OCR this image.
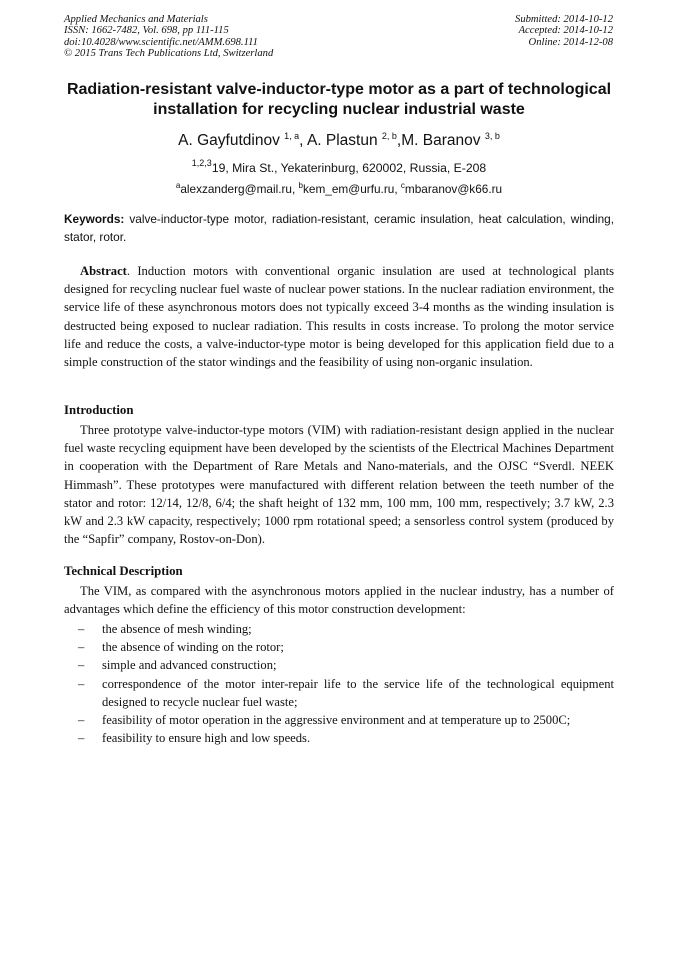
Applied Mechanics and Materials
ISSN: 1662-7482, Vol. 698, pp 111-115
doi:10.4028/www.scientific.net/AMM.698.111
© 2015 Trans Tech Publications Ltd, Switzerland
Submitted: 2014-10-12
Accepted: 2014-10-12
Online: 2014-12-08
Radiation-resistant valve-inductor-type motor as a part of technological
installation for recycling nuclear industrial waste
A. Gayfutdinov $^{1, a}$, A. Plastun $^{2, b}$,M. Baranov $^{3, b}$
$^{1,2,3}$19, Mira St., Yekaterinburg, 620002, Russia, E-208
$^a$alexzanderg@mail.ru, $^b$kem_em@urfu.ru, $^c$mbaranov@k66.ru
Keywords: valve-inductor-type motor, radiation-resistant, ceramic insulation, heat calculation, winding, stator, rotor.
Abstract. Induction motors with conventional organic insulation are used at technological plants designed for recycling nuclear fuel waste of nuclear power stations. In the nuclear radiation environment, the service life of these asynchronous motors does not typically exceed 3-4 months as the winding insulation is destructed being exposed to nuclear radiation. This results in costs increase. To prolong the motor service life and reduce the costs, a valve-inductor-type motor is being developed for this application field due to a simple construction of the stator windings and the feasibility of using non-organic insulation.
Introduction
Three prototype valve-inductor-type motors (VIM) with radiation-resistant design applied in the nuclear fuel waste recycling equipment have been developed by the scientists of the Electrical Machines Department in cooperation with the Department of Rare Metals and Nano-materials, and the OJSC “Sverdl. NEEK Himmash”. These prototypes were manufactured with different relation between the teeth number of the stator and rotor: 12/14, 12/8, 6/4; the shaft height of 132 mm, 100 mm, 100 mm, respectively; 3.7 kW, 2.3 kW and 2.3 kW capacity, respectively; 1000 rpm rotational speed; a sensorless control system (produced by the “Sapfir” company, Rostov-on-Don).
Technical Description
The VIM, as compared with the asynchronous motors applied in the nuclear industry, has a number of advantages which define the efficiency of this motor construction development:
– the absence of mesh winding;
– the absence of winding on the rotor;
– simple and advanced construction;
– correspondence of the motor inter-repair life to the service life of the technological equipment designed to recycle nuclear fuel waste;
– feasibility of motor operation in the aggressive environment and at temperature up to 2500C;
– feasibility to ensure high and low speeds.
